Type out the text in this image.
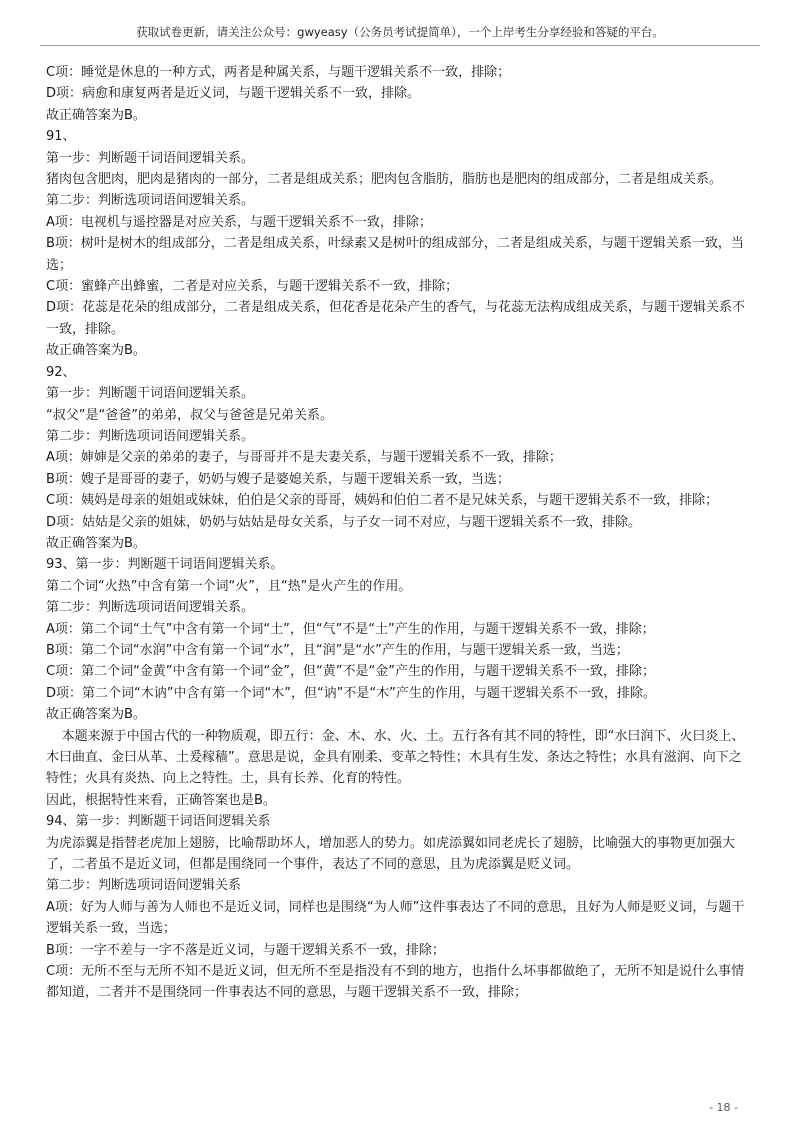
获取试卷更新，请关注公众号：gwyeasy（公务员考试提简单），一个上岸考生分享经验和答疑的平台。
C项：睡觉是休息的一种方式，两者是种属关系，与题干逻辑关系不一致，排除；
D项：病愈和康复两者是近义词，与题干逻辑关系不一致，排除。
故正确答案为B。
91、
第一步：判断题干词语间逻辑关系。
猪肉包含肥肉，肥肉是猪肉的一部分，二者是组成关系；肥肉包含脂肪，脂肪也是肥肉的组成部分，二者是组成关系。
第二步：判断选项词语间逻辑关系。
A项：电视机与遥控器是对应关系，与题干逻辑关系不一致，排除；
B项：树叶是树木的组成部分，二者是组成关系，叶绿素又是树叶的组成部分，二者是组成关系，与题干逻辑关系一致，当选；
C项：蜜蜂产出蜂蜜，二者是对应关系，与题干逻辑关系不一致，排除；
D项：花蕊是花朵的组成部分，二者是组成关系，但花香是花朵产生的香气，与花蕊无法构成组成关系，与题干逻辑关系不一致，排除。
故正确答案为B。
92、
第一步：判断题干词语间逻辑关系。
“叔父”是“爸爸”的弟弟，叔父与爸爸是兄弟关系。
第二步：判断选项词语间逻辑关系。
A项：婶婶是父亲的弟弟的妻子，与哥哥并不是夫妻关系，与题干逻辑关系不一致，排除；
B项：嫂子是哥哥的妻子，奶奶与嫂子是婆媳关系，与题干逻辑关系一致，当选；
C项：姨妈是母亲的姐姐或妹妹，伯伯是父亲的哥哥，姨妈和伯伯二者不是兄妹关系，与题干逻辑关系不一致，排除；
D项：姑姑是父亲的姐妹，奶奶与姑姑是母女关系，与子女一词不对应，与题干逻辑关系不一致，排除。
故正确答案为B。
93、第一步：判断题干词语间逻辑关系。
第二个词“火热”中含有第一个词“火”，且“热”是火产生的作用。
第二步：判断选项词语间逻辑关系。
A项：第二个词“土气”中含有第一个词“土”，但“气”不是“土”产生的作用，与题干逻辑关系不一致，排除；
B项：第二个词“水润”中含有第一个词“水”，且“润”是“水”产生的作用，与题干逻辑关系一致，当选；
C项：第二个词“金黄”中含有第一个词“金”，但“黄”不是“金”产生的作用，与题干逻辑关系不一致，排除；
D项：第二个词“木讷”中含有第一个词“木”，但“讷”不是“木”产生的作用，与题干逻辑关系不一致，排除。
故正确答案为B。
本题来源于中国古代的一种物质观，即五行：金、木、水、火、土。五行各有其不同的特性，即“水曰润下、火曰炎上、木曰曲直、金曰从革、土爰稼穑”。意思是说，金具有刚柔、变革之特性；木具有生发、条达之特性；水具有滋润、向下之特性；火具有炎热、向上之特性。土，具有长养、化育的特性。
因此，根据特性来看，正确答案也是B。
94、第一步：判断题干词语间逻辑关系
为虎添翼是指替老虎加上翅膀，比喻帮助坏人，增加恶人的势力。如虎添翼如同老虎长了翅膀，比喻强大的事物更加强大了，二者虽不是近义词，但都是围绕同一个事件，表达了不同的意思，且为虎添翼是贬义词。
第二步：判断选项词语间逻辑关系
A项：好为人师与善为人师也不是近义词，同样也是围绕“为人师”这件事表达了不同的意思，且好为人师是贬义词，与题干逻辑关系一致，当选；
B项：一字不差与一字不落是近义词，与题干逻辑关系不一致，排除；
C项：无所不至与无所不知不是近义词，但无所不至是指没有不到的地方，也指什么坏事都做绝了，无所不知是说什么事情都知道，二者并不是围绕同一件事表达不同的意思，与题干逻辑关系不一致，排除；
- 18 -
